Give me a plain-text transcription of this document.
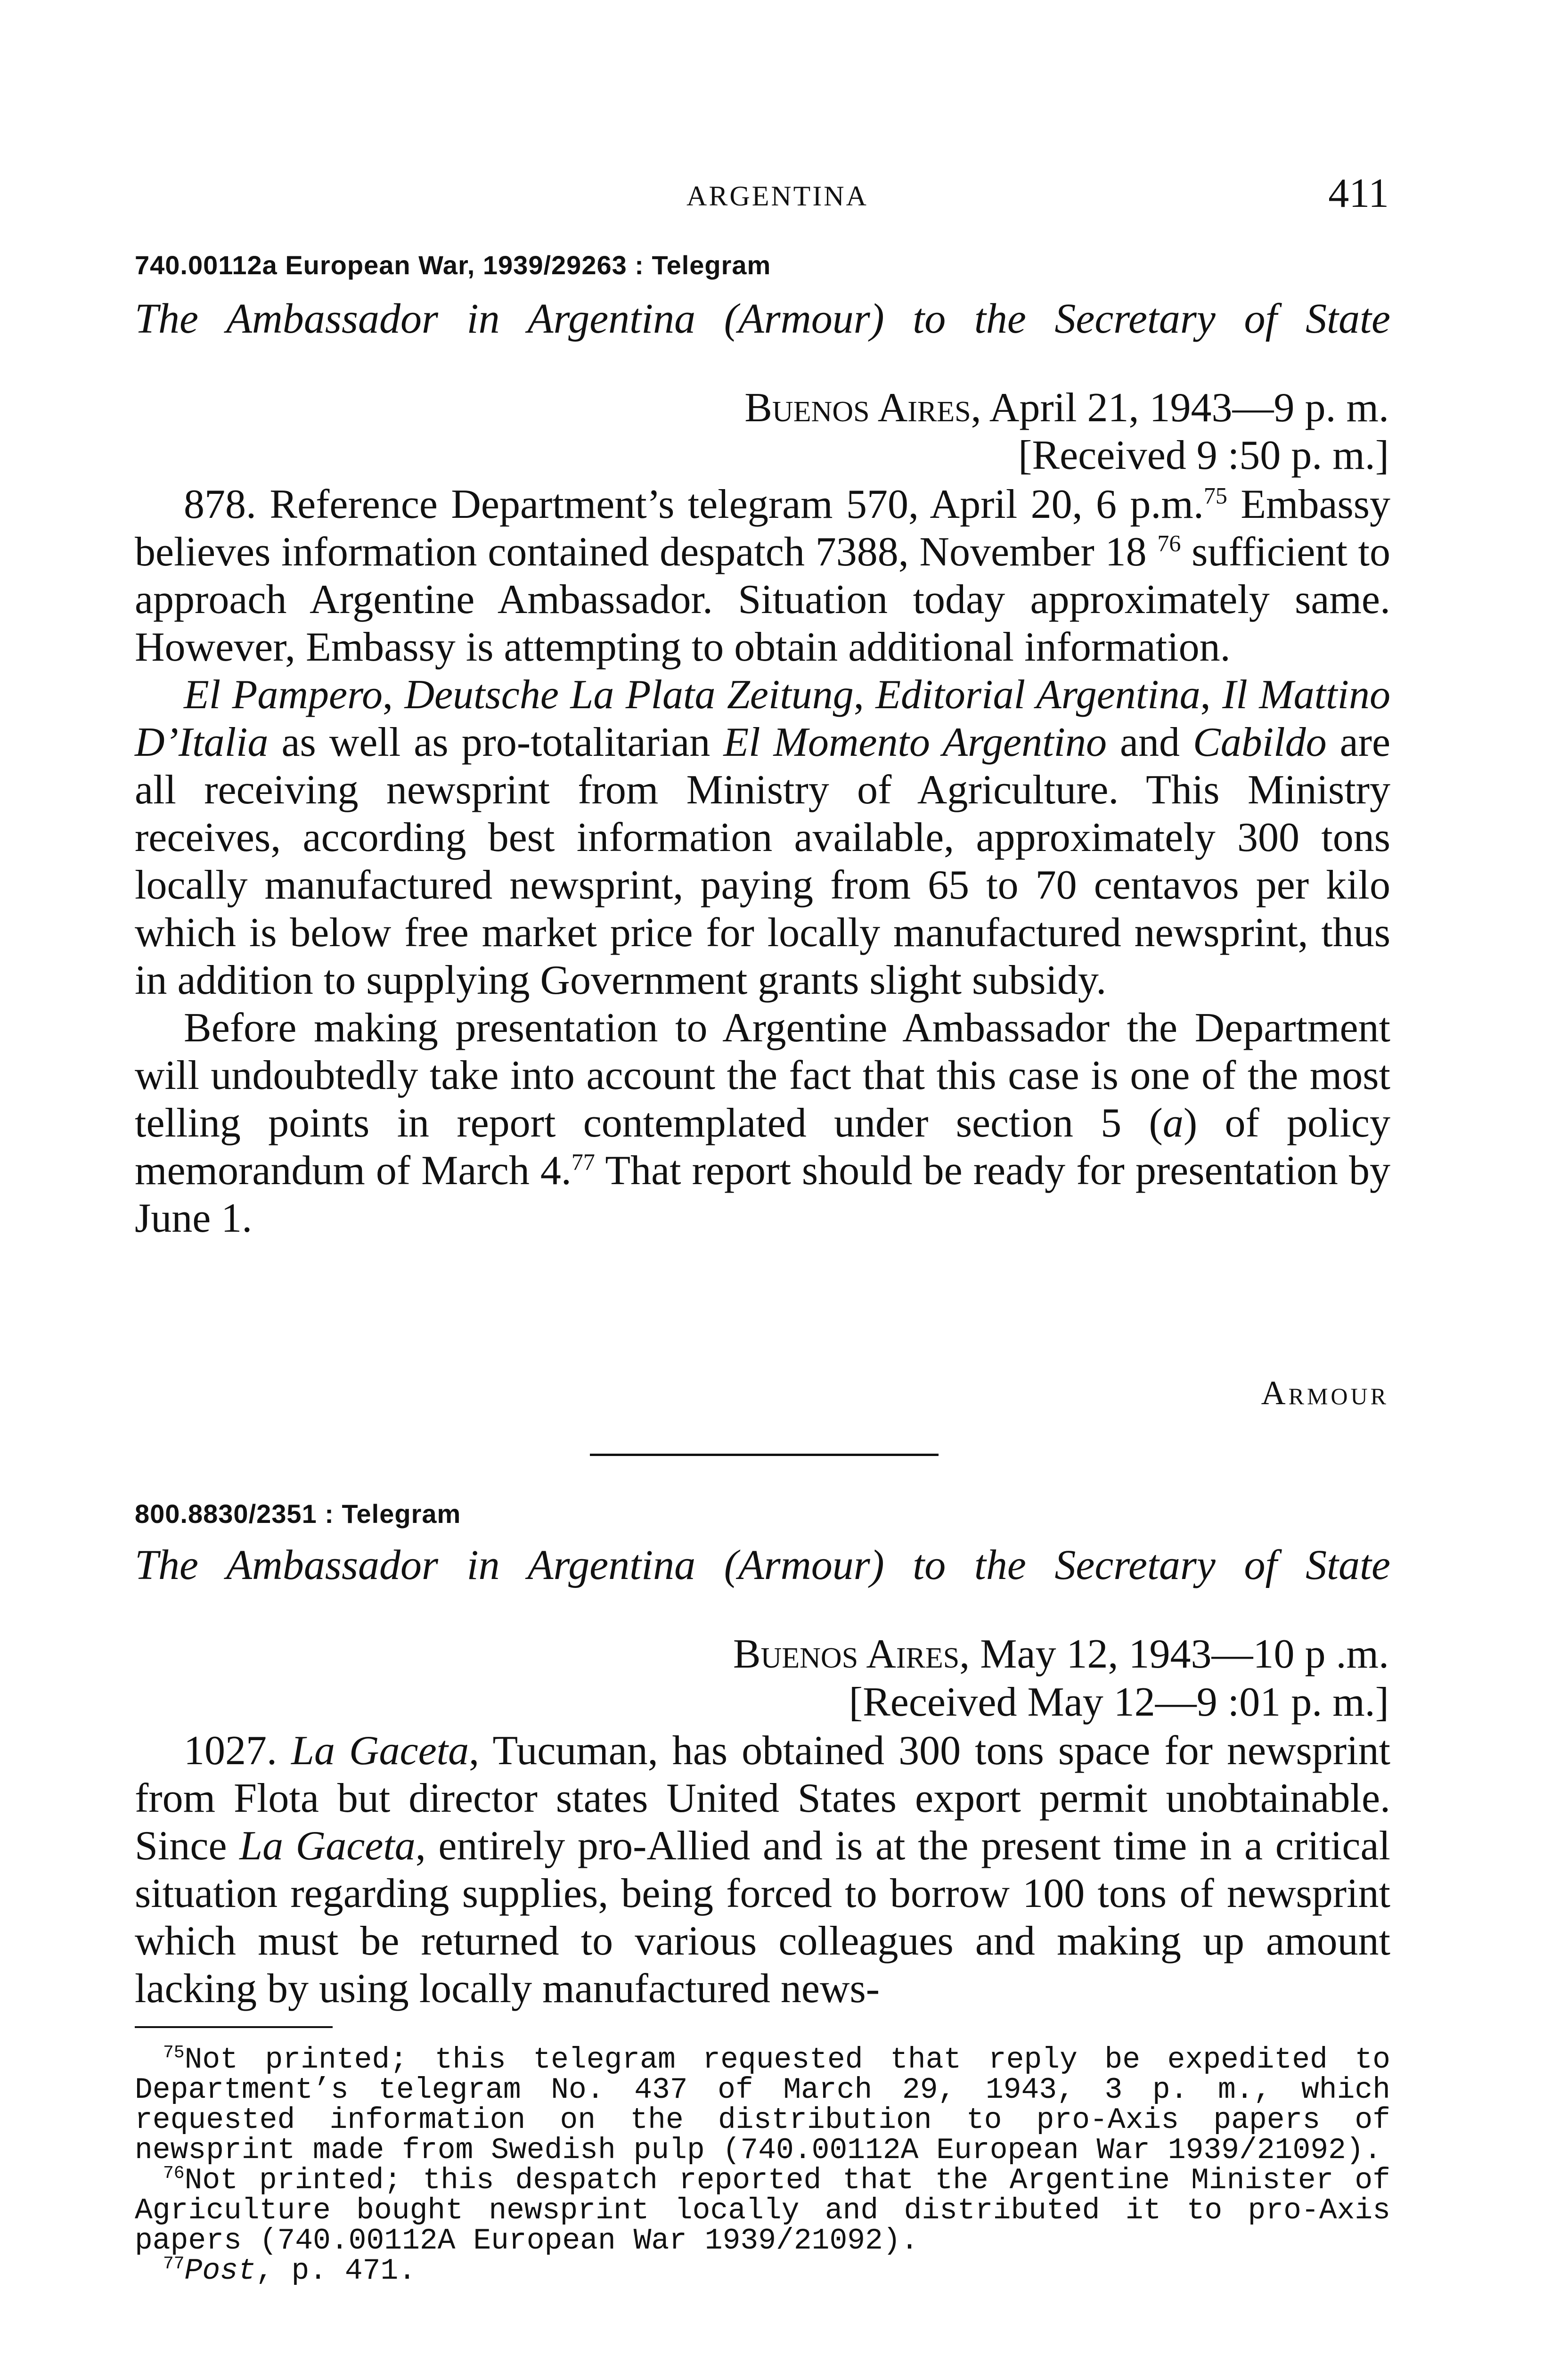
ARGENTINA	411
740.00112a European War, 1939/29263 : Telegram
The Ambassador in Argentina (Armour) to the Secretary of State
Buenos Aires, April 21, 1943—9 p. m.
[Received 9 :50 p. m.]

878. Reference Department’s telegram 570, April 20, 6 p.m.$^{75}$ Embassy believes information contained despatch 7388, November 18 $^{76}$ sufficient to approach Argentine Ambassador. Situation today approximately same. However, Embassy is attempting to obtain additional information.

El Pampero, Deutsche La Plata Zeitung, Editorial Argentina, Il Mattino D’Italia as well as pro-totalitarian El Momento Argentino and Cabildo are all receiving newsprint from Ministry of Agriculture. This Ministry receives, according best information available, approximately 300 tons locally manufactured newsprint, paying from 65 to 70 centavos per kilo which is below free market price for locally manufactured newsprint, thus in addition to supplying Government grants slight subsidy.

Before making presentation to Argentine Ambassador the Department will undoubtedly take into account the fact that this case is one of the most telling points in report contemplated under section 5 (a) of policy memorandum of March 4.77 That report should be ready for presentation by June 1.

Armour
800.8830/2351 : Telegram
The Ambassador in Argentina (Armour) to the Secretary of State
Buenos Aires, May 12, 1943—10 p .m.
[Received May 12—9 :01 p. m.]

1027. La Gaceta, Tucuman, has obtained 300 tons space for newsprint from Flota but director states United States export permit unobtainable. Since La Gaceta, entirely pro-Allied and is at the present time in a critical situation regarding supplies, being forced to borrow 100 tons of newsprint which must be returned to various colleagues and making up amount lacking by using locally manufactured news-

$^{75}$Not printed; this telegram requested that reply be expedited to Department’s telegram No. 437 of March 29, 1943, 3 p. m., which requested information on the distribution to pro-Axis papers of newsprint made from Swedish pulp (740.00112A European War 1939/21092).

$^{76}$Not printed; this despatch reported that the Argentine Minister of Agriculture bought newsprint locally and distributed it to pro-Axis papers (740.00112A European War 1939/21092).

$^{77}$Post, p. 471.
